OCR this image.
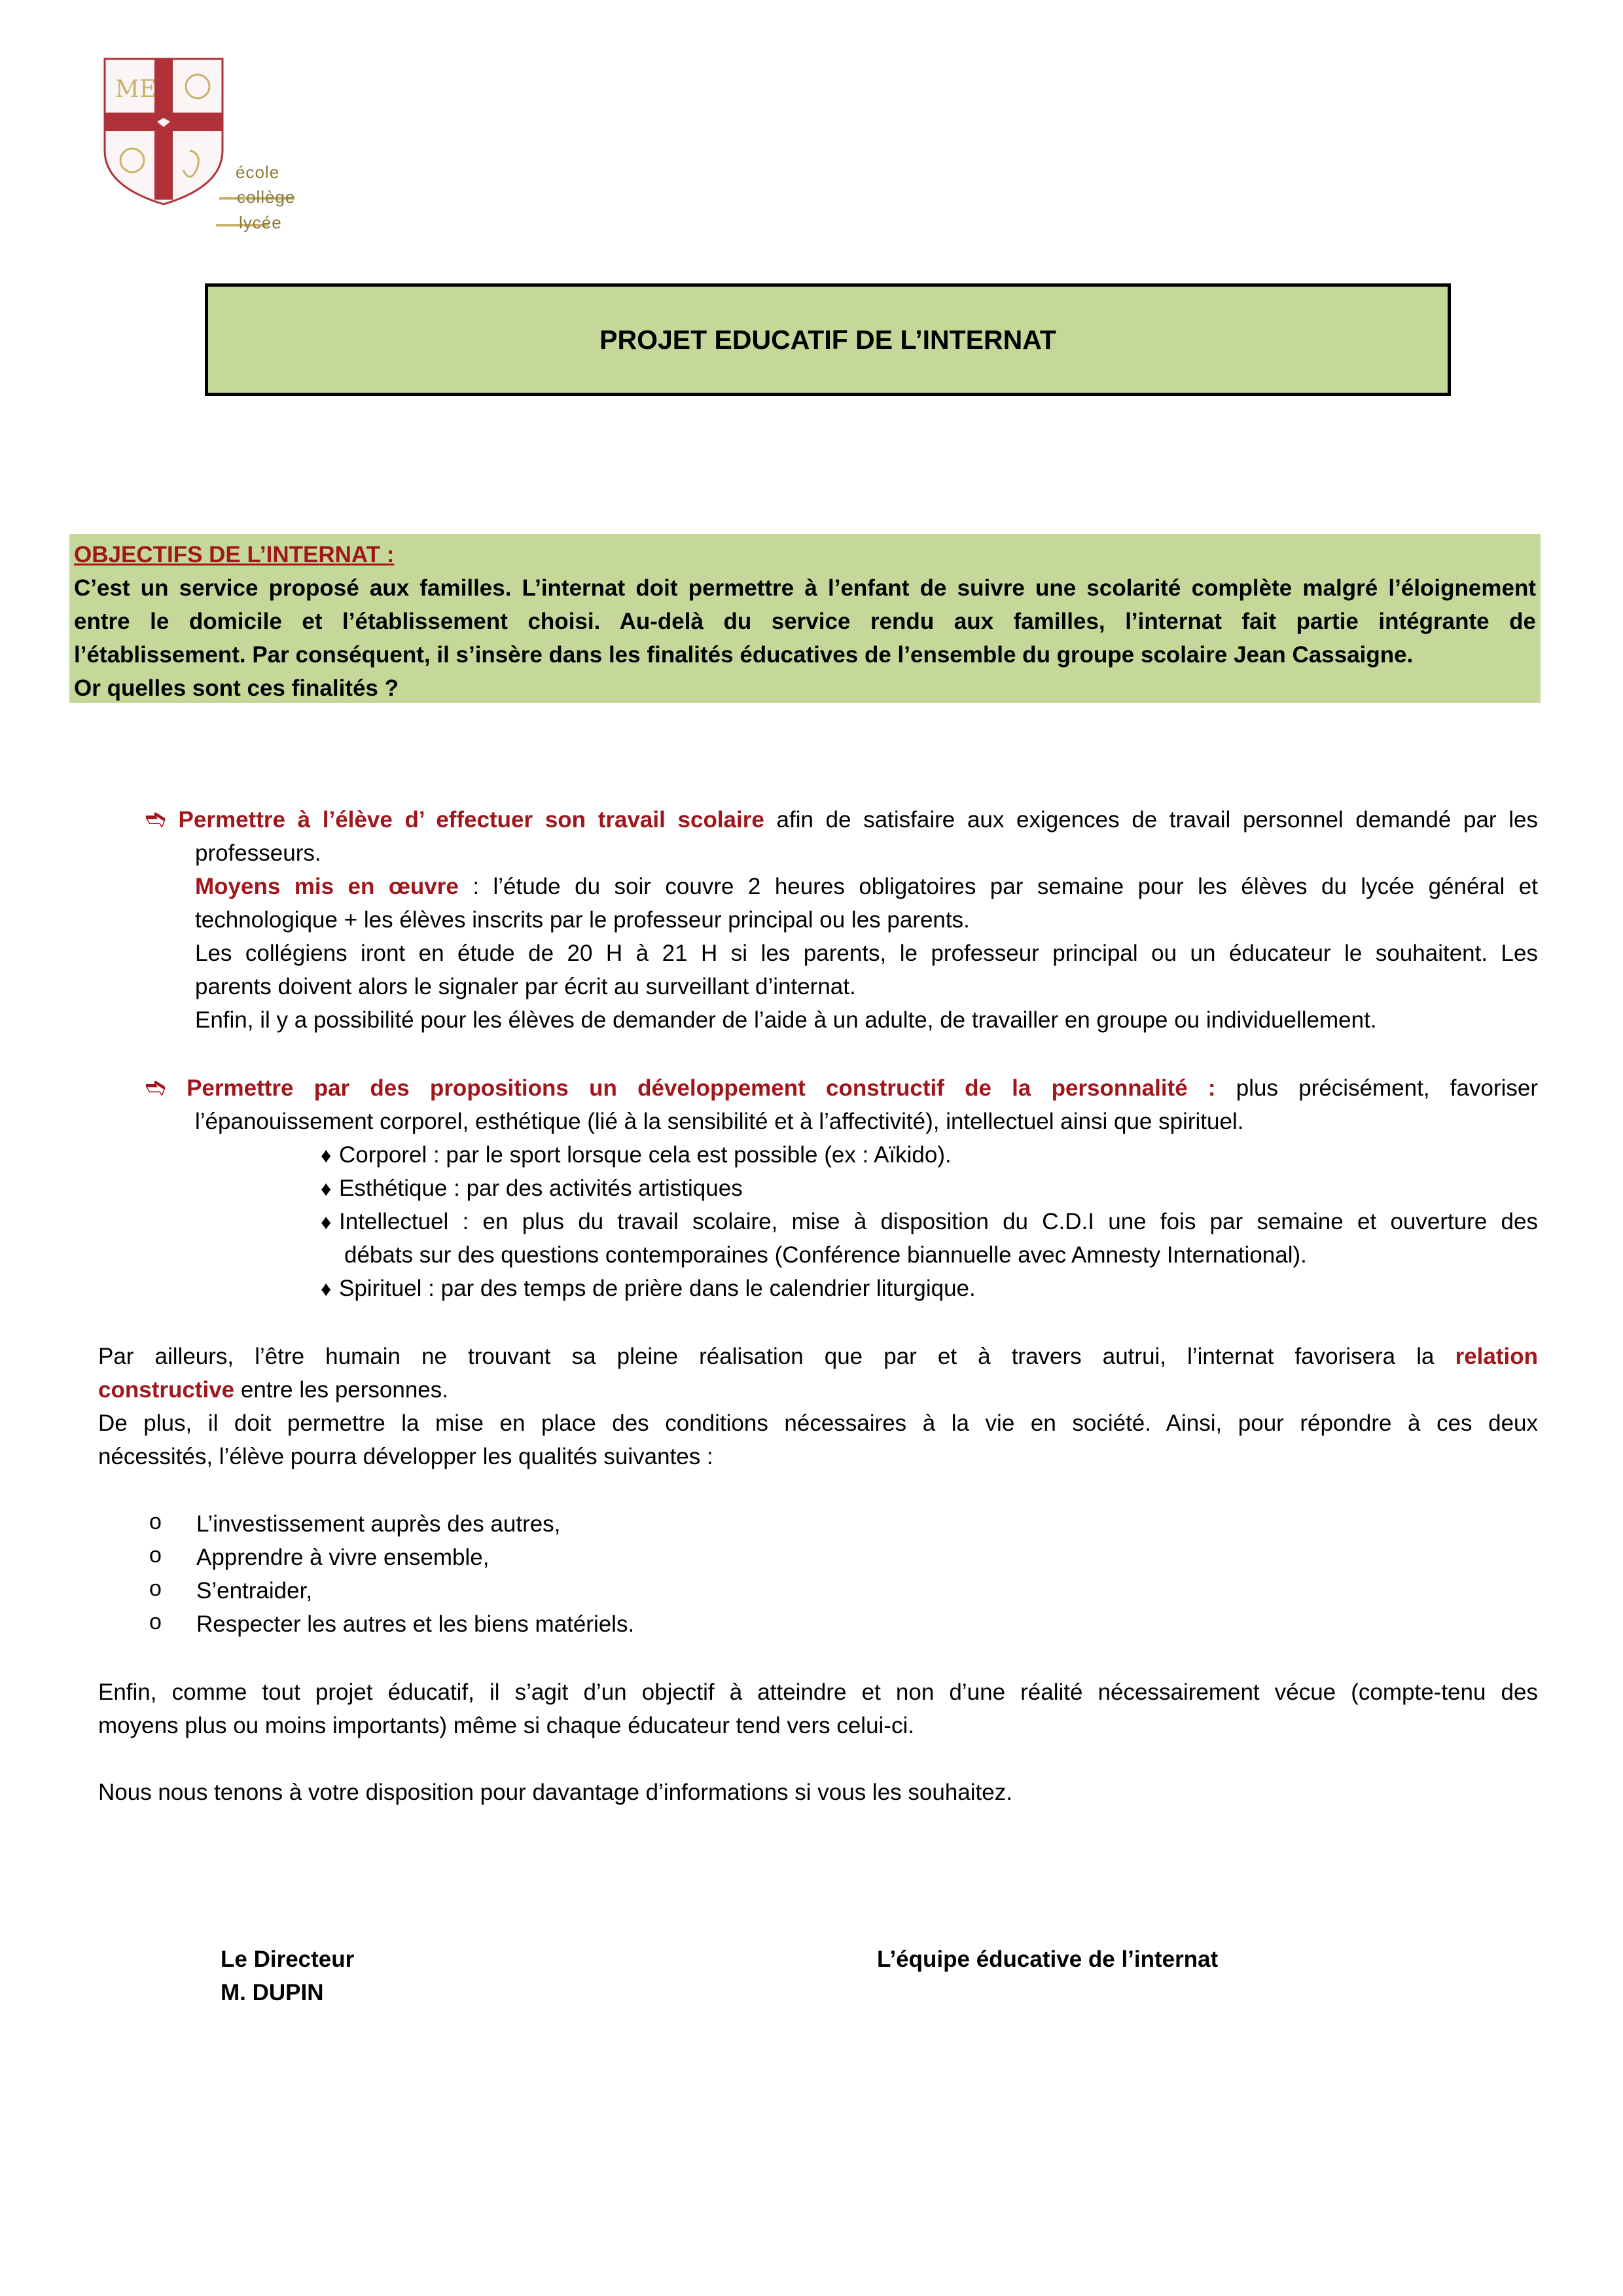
ME
école
collège
lycée
PROJET EDUCATIF DE L’INTERNAT
OBJECTIFS DE L’INTERNAT :
C’est un service proposé aux familles. L’internat doit permettre à l’enfant de suivre une scolarité complète malgré l’éloignement
entre le domicile et l’établissement choisi. Au-delà du service rendu aux familles, l’internat fait partie intégrante de
l’établissement. Par conséquent, il s’insère dans les finalités éducatives de l’ensemble du groupe scolaire Jean Cassaigne.
Or quelles sont ces finalités ?
➬ Permettre à l’élève d’ effectuer son travail scolaire afin de satisfaire aux exigences de travail personnel demandé par les
professeurs.
Moyens mis en œuvre : l’étude du soir couvre 2 heures obligatoires par semaine pour les élèves du lycée général et
technologique + les élèves inscrits par le professeur principal ou les parents.
Les collégiens iront en étude de 20 H à 21 H si les parents, le professeur principal ou un éducateur le souhaitent. Les
parents doivent alors le signaler par écrit au surveillant d’internat.
Enfin, il y a possibilité pour les élèves de demander de l’aide à un adulte, de travailler en groupe ou individuellement.
➬ Permettre par des propositions un développement constructif de la personnalité : plus précisément, favoriser
l’épanouissement corporel, esthétique (lié à la sensibilité et à l’affectivité), intellectuel ainsi que spirituel.
♦ Corporel : par le sport lorsque cela est possible (ex : Aïkido).
♦ Esthétique : par des activités artistiques
♦ Intellectuel : en plus du travail scolaire, mise à disposition du C.D.I une fois par semaine et ouverture des
débats sur des questions contemporaines (Conférence biannuelle avec Amnesty International).
♦ Spirituel : par des temps de prière dans le calendrier liturgique.
Par ailleurs, l’être humain ne trouvant sa pleine réalisation que par et à travers autrui, l’internat favorisera la relation
constructive entre les personnes.
De plus, il doit permettre la mise en place des conditions nécessaires à la vie en société. Ainsi, pour répondre à ces deux
nécessités, l’élève pourra développer les qualités suivantes :
o L’investissement auprès des autres,
o Apprendre à vivre ensemble,
o S’entraider,
o Respecter les autres et les biens matériels.
Enfin, comme tout projet éducatif, il s’agit d’un objectif à atteindre et non d’une réalité nécessairement vécue (compte-tenu des
moyens plus ou moins importants) même si chaque éducateur tend vers celui-ci.
Nous nous tenons à votre disposition pour davantage d’informations si vous les souhaitez.
Le Directeur
M. DUPIN
L’équipe éducative de l’internat
